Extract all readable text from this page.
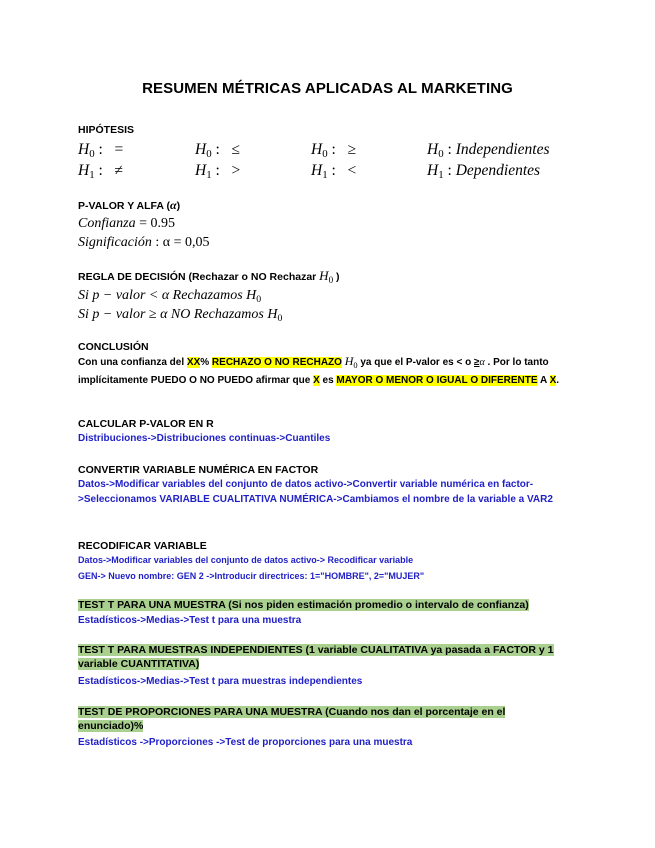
RESUMEN MÉTRICAS APLICADAS AL MARKETING
HIPÓTESIS
$H_0$ : =	$H_0$ : ≤	$H_0$ : ≥	$H_0$ : Independientes
$H_1$ : ≠	$H_1$ : >	$H_1$ : <	$H_1$ : Dependientes
P-VALOR Y ALFA (α)
Confianza = 0.95
Significación : α = 0,05
REGLA DE DECISIÓN (Rechazar o NO Rechazar $H_0$ )
Si p − valor < α Rechazamos $H_0$
Si p − valor ≥ α NO Rechazamos $H_0$
CONCLUSIÓN
Con una confianza del XX% RECHAZO O NO RECHAZO $H_0$ ya que el P-valor es < o ≥α . Por lo tanto implícitamente PUEDO O NO PUEDO afirmar que X es MAYOR O MENOR O IGUAL O DIFERENTE A X.
CALCULAR P-VALOR EN R
Distribuciones->Distribuciones continuas->Cuantiles
CONVERTIR VARIABLE NUMÉRICA EN FACTOR
Datos->Modificar variables del conjunto de datos activo->Convertir variable numérica en factor->Seleccionamos VARIABLE CUALITATIVA NUMÉRICA->Cambiamos el nombre de la variable a VAR2
RECODIFICAR VARIABLE
Datos->Modificar variables del conjunto de datos activo-> Recodificar variable
GEN-> Nuevo nombre: GEN 2 ->Introducir directrices: 1="HOMBRE", 2="MUJER"
TEST T PARA UNA MUESTRA (Si nos piden estimación promedio o intervalo de confianza)
Estadísticos->Medias->Test t para una muestra
TEST T PARA MUESTRAS INDEPENDIENTES (1 variable CUALITATIVA ya pasada a FACTOR y 1 variable CUANTITATIVA)
Estadísticos->Medias->Test t para muestras independientes
TEST DE PROPORCIONES PARA UNA MUESTRA (Cuando nos dan el porcentaje en el enunciado)%
Estadísticos ->Proporciones ->Test de proporciones para una muestra
